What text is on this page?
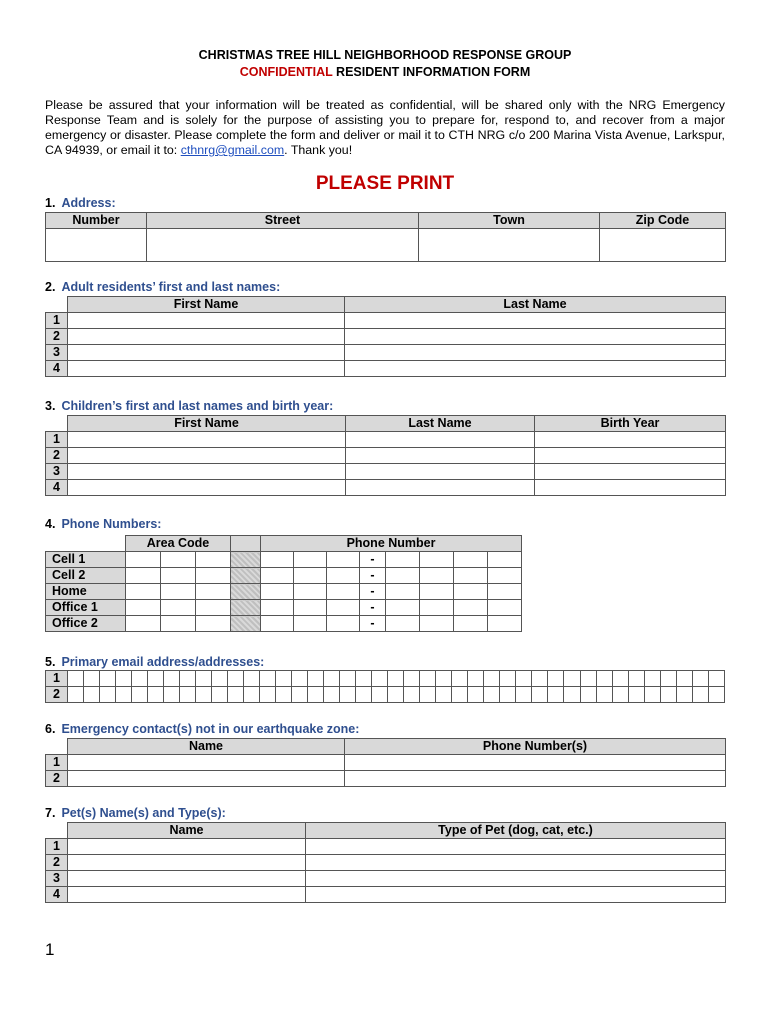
CHRISTMAS TREE HILL NEIGHBORHOOD RESPONSE GROUP
CONFIDENTIAL RESIDENT INFORMATION FORM
Please be assured that your information will be treated as confidential, will be shared only with the NRG Emergency Response Team and is solely for the purpose of assisting you to prepare for, respond to, and recover from a major emergency or disaster. Please complete the form and deliver or mail it to CTH NRG c/o 200 Marina Vista Avenue, Larkspur, CA 94939, or email it to: cthnrg@gmail.com. Thank you!
PLEASE PRINT
1. Address:
Number	Street	Town	Zip Code

2. Adult residents’ first and last names:
	First Name	Last Name
1		
2		
3		
4		
3. Children’s first and last names and birth year:
	First Name	Last Name	Birth Year
1			
2			
3			
4			
4. Phone Numbers:
	Area Code				Phone Number							
Cell 1								-				
Cell 2								-				
Home								-				
Office 1								-				
Office 2								-				
5. Primary email address/addresses:
1																																									
2																																									
6. Emergency contact(s) not in our earthquake zone:
	Name	Phone Number(s)
1		
2		
7. Pet(s) Name(s) and Type(s):
	Name	Type of Pet (dog, cat, etc.)
1		
2		
3		
4		
1
